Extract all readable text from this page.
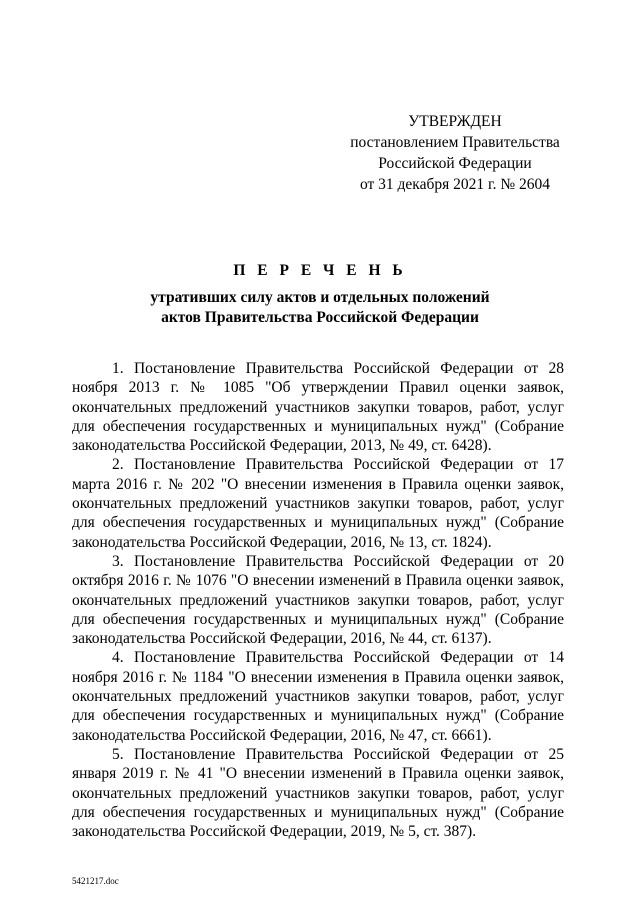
УТВЕРЖДЕН
постановлением Правительства
Российской Федерации
от 31 декабря 2021 г. № 2604
П Е Р Е Ч Е Н Ь
утративших силу актов и отдельных положений
актов Правительства Российской Федерации

1. Постановление Правительства Российской Федерации от 28 ноября 2013 г. № 1085 "Об утверждении Правил оценки заявок, окончательных предложений участников закупки товаров, работ, услуг для обеспечения государственных и муниципальных нужд" (Собрание законодательства Российской Федерации, 2013, № 49, ст. 6428).

2. Постановление Правительства Российской Федерации от 17 марта 2016 г. № 202 "О внесении изменения в Правила оценки заявок, окончательных предложений участников закупки товаров, работ, услуг для обеспечения государственных и муниципальных нужд" (Собрание законодательства Российской Федерации, 2016, № 13, ст. 1824).

3. Постановление Правительства Российской Федерации от 20 октября 2016 г. № 1076 "О внесении изменений в Правила оценки заявок, окончательных предложений участников закупки товаров, работ, услуг для обеспечения государственных и муниципальных нужд" (Собрание законодательства Российской Федерации, 2016, № 44, ст. 6137).

4. Постановление Правительства Российской Федерации от 14 ноября 2016 г. № 1184 "О внесении изменения в Правила оценки заявок, окончательных предложений участников закупки товаров, работ, услуг для обеспечения государственных и муниципальных нужд" (Собрание законодательства Российской Федерации, 2016, № 47, ст. 6661).

5. Постановление Правительства Российской Федерации от 25 января 2019 г. № 41 "О внесении изменений в Правила оценки заявок, окончательных предложений участников закупки товаров, работ, услуг для обеспечения государственных и муниципальных нужд" (Собрание законодательства Российской Федерации, 2019, № 5, ст. 387).

5421217.doc
